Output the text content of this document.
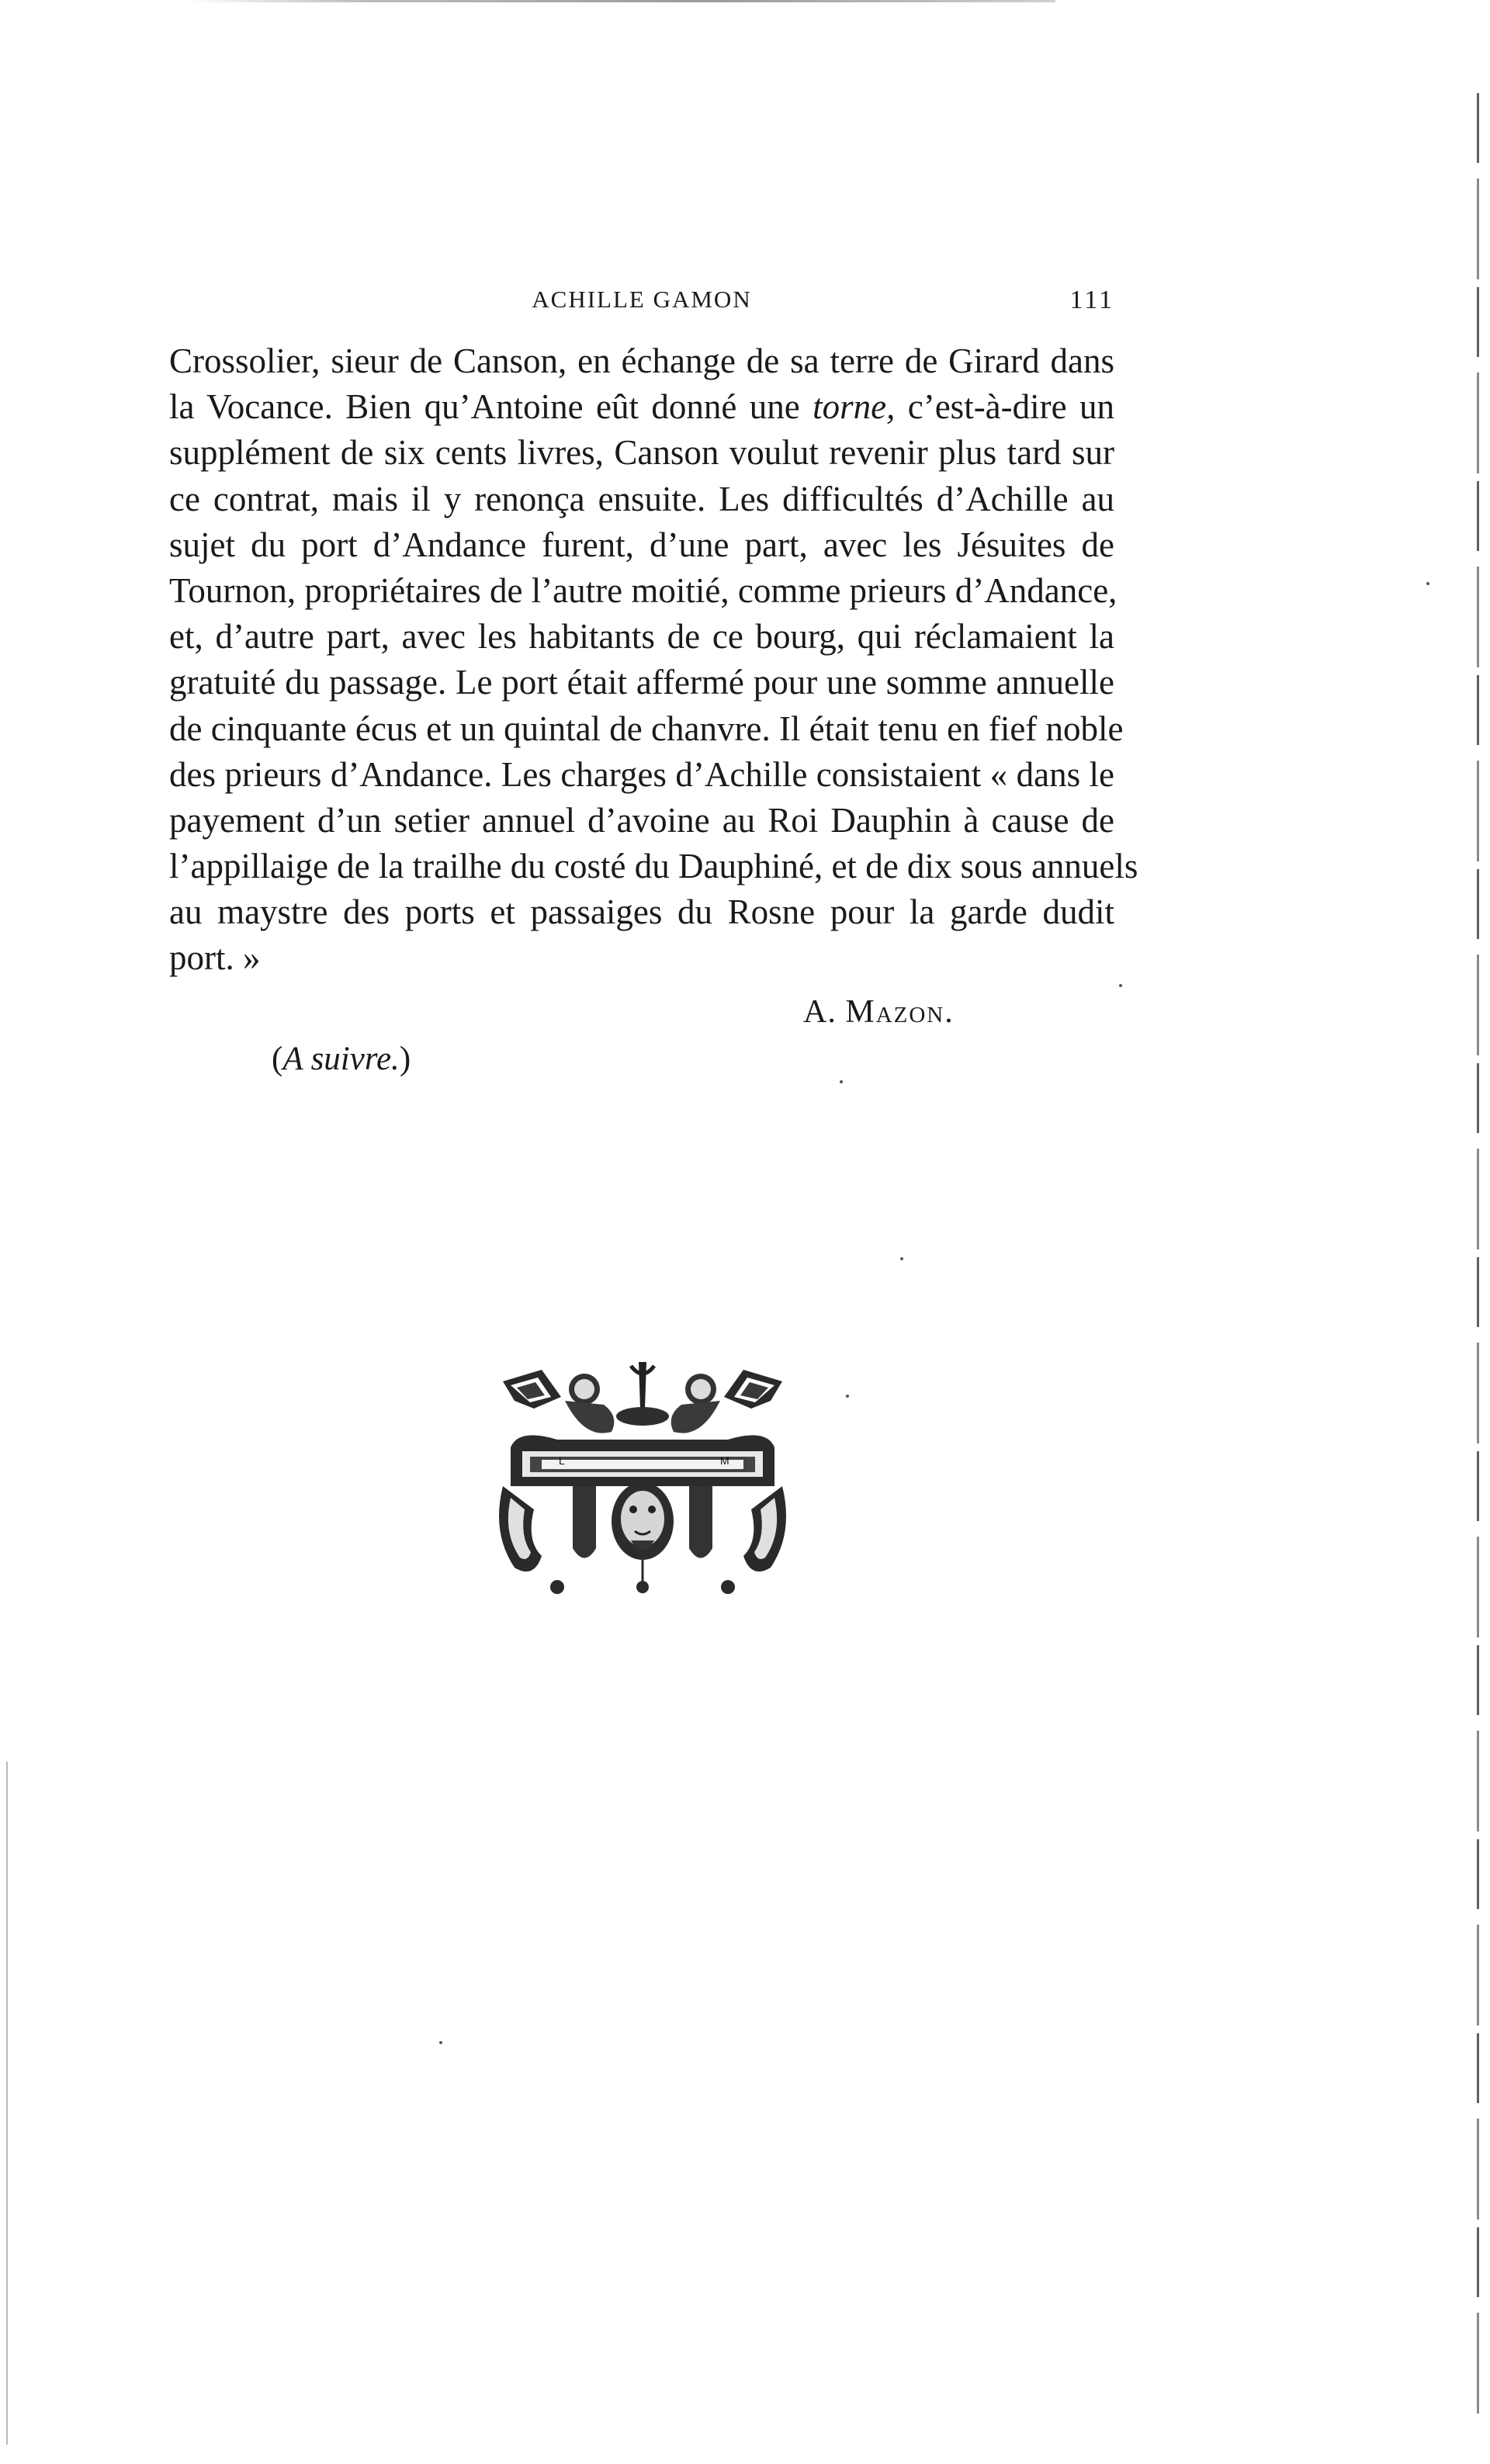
ACHILLE GAMON	111
Crossolier, sieur de Canson, en échange de sa terre de Girard dans
la Vocance. Bien qu’Antoine eût donné une torne, c’est-à-dire un
supplément de six cents livres, Canson voulut revenir plus tard sur
ce contrat, mais il y renonça ensuite. Les difficultés d’Achille au
sujet du port d’Andance furent, d’une part, avec les Jésuites de
Tournon, propriétaires de l’autre moitié, comme prieurs d’Andance,
et, d’autre part, avec les habitants de ce bourg, qui réclamaient la
gratuité du passage. Le port était affermé pour une somme annuelle
de cinquante écus et un quintal de chanvre. Il était tenu en fief noble
des prieurs d’Andance. Les charges d’Achille consistaient « dans le
payement d’un setier annuel d’avoine au Roi Dauphin à cause de
l’appillaige de la trailhe du costé du Dauphiné, et de dix sous annuels
au maystre des ports et passaiges du Rosne pour la garde dudit
port. »
A. Mazon.
(A suivre.)
L	M
